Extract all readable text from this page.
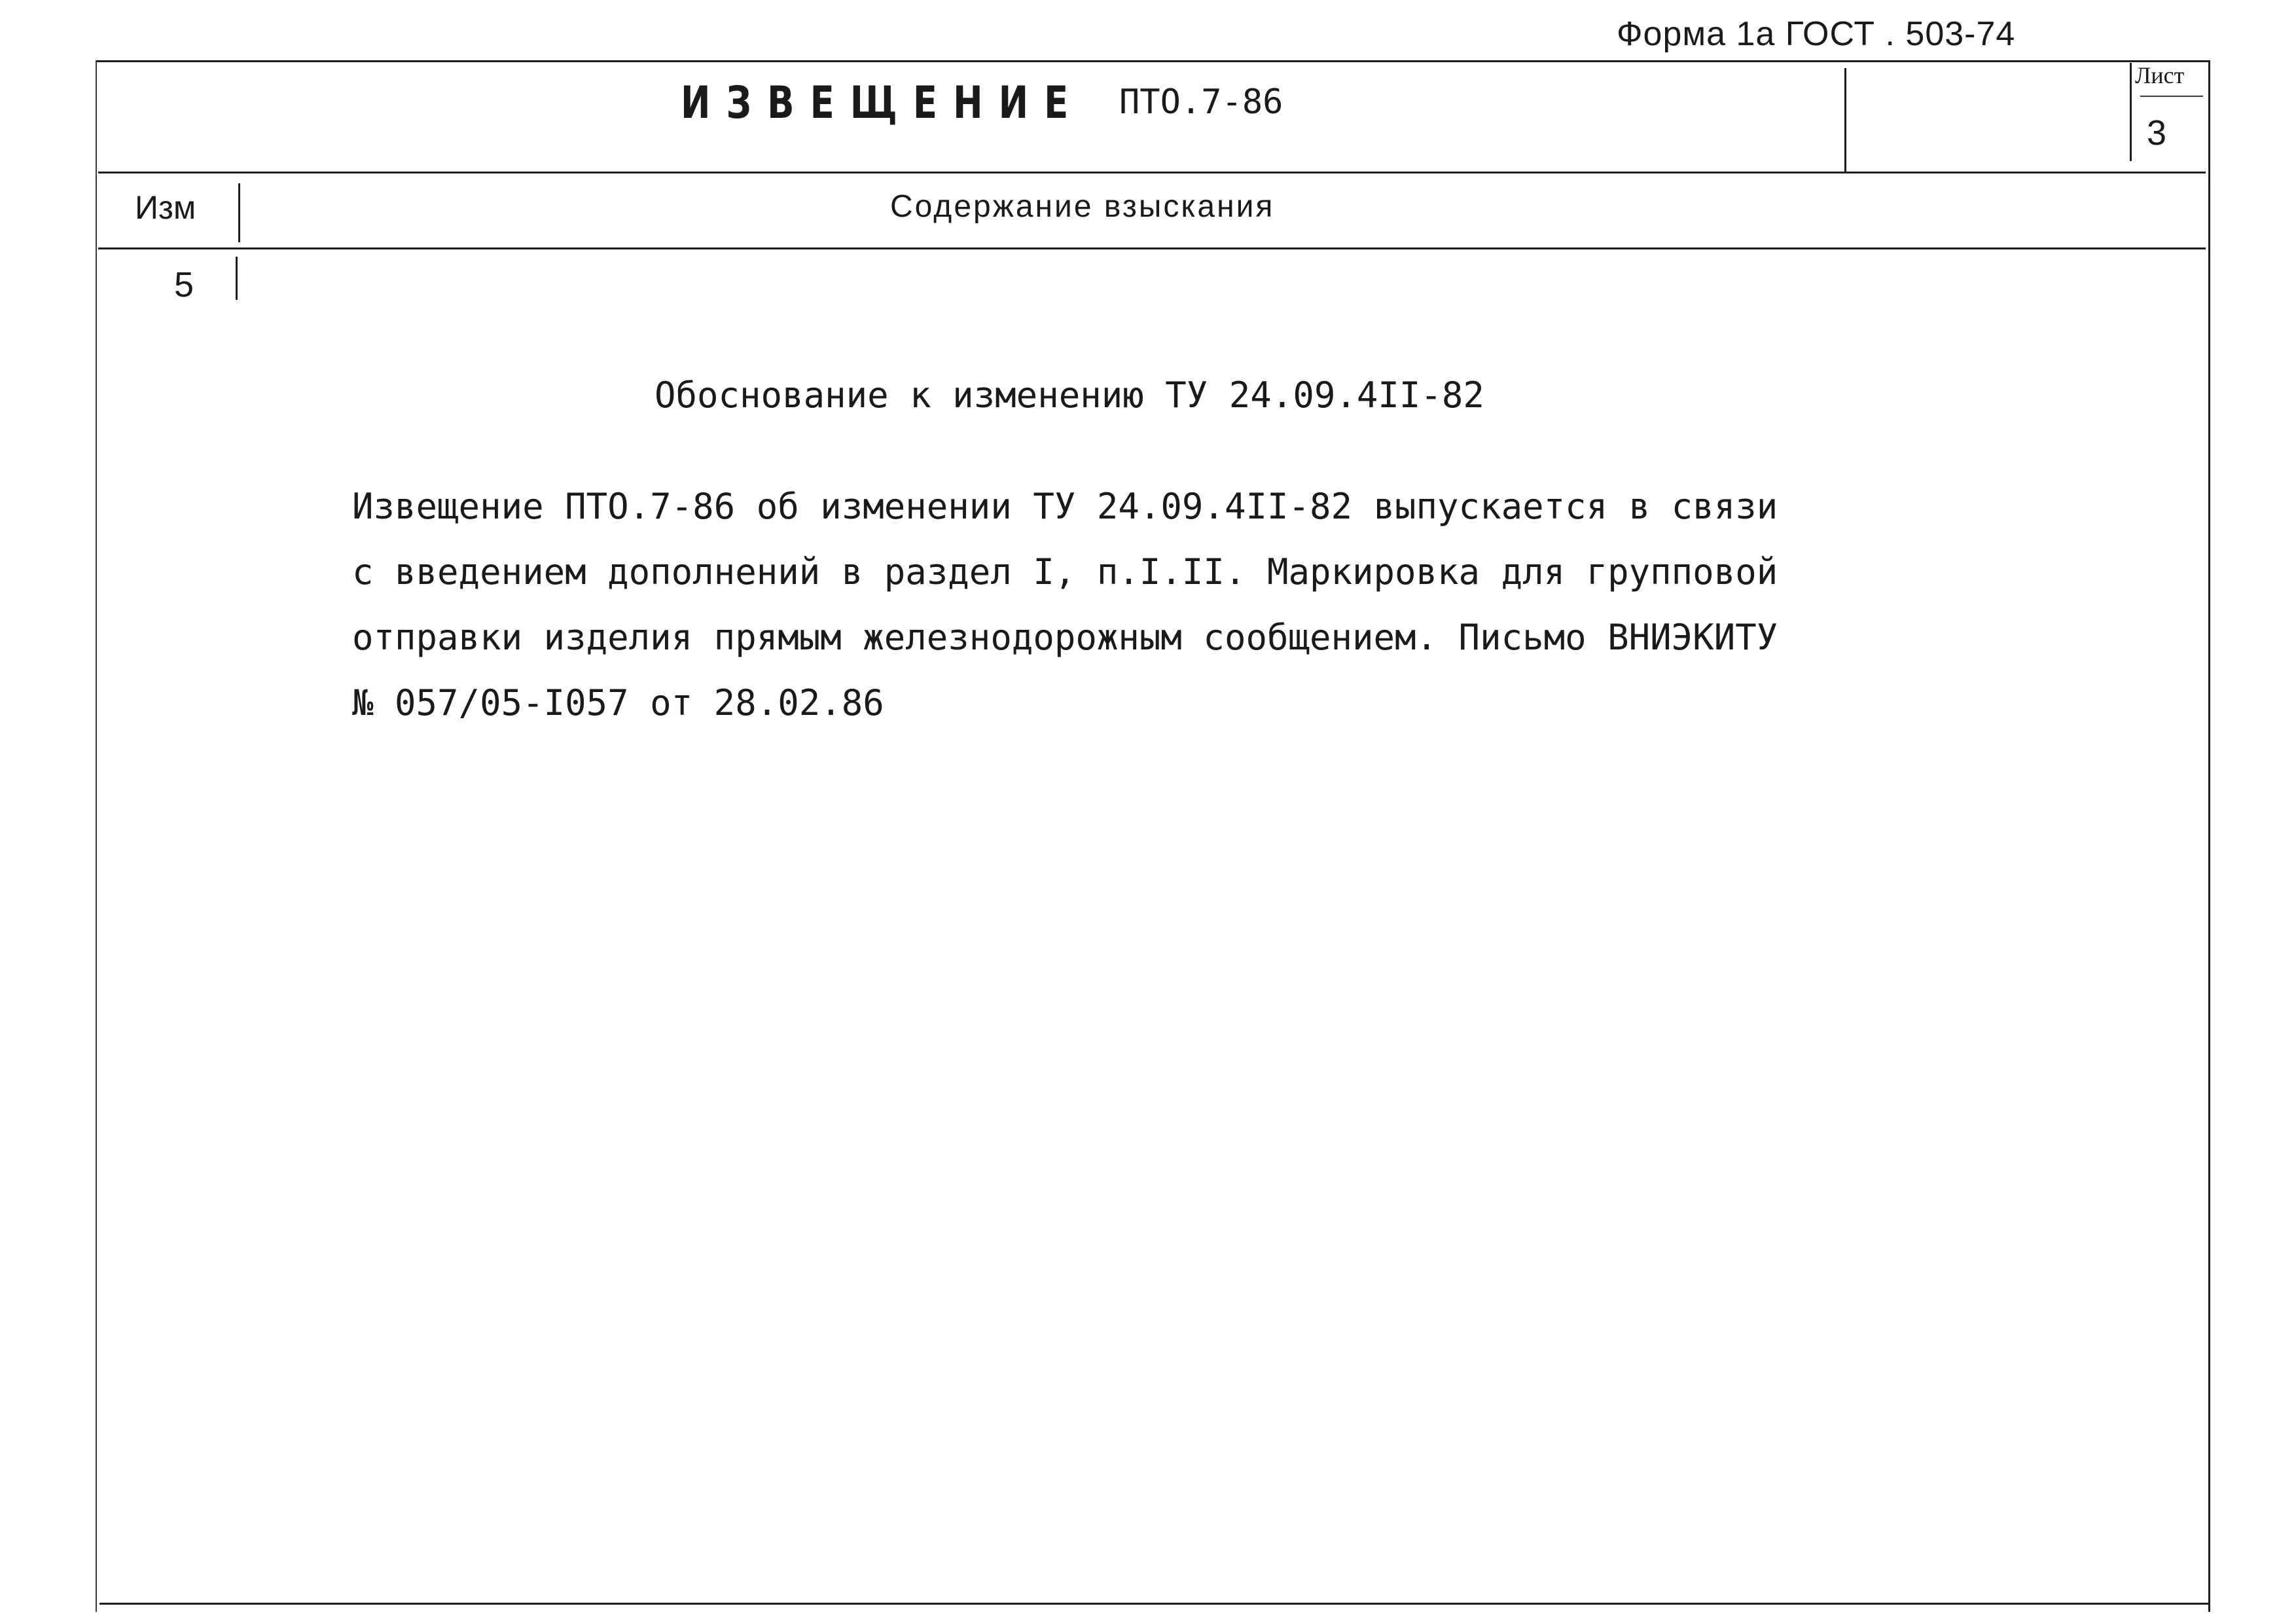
Форма 1а ГОСТ . 503-74
ИЗВЕЩЕНИЕ ПТО.7-86
Лист
3
Изм	Содержание взыскания
5
Обоснование к изменению ТУ 24.09.4II-82
Извещение ПТО.7-86 об изменении ТУ 24.09.4II-82 выпускается в связи
с введением дополнений в раздел I, п.I.II. Маркировка для групповой
отправки изделия прямым железнодорожным сообщением. Письмо ВНИЭКИТУ
№ 057/05-I057 от 28.02.86
